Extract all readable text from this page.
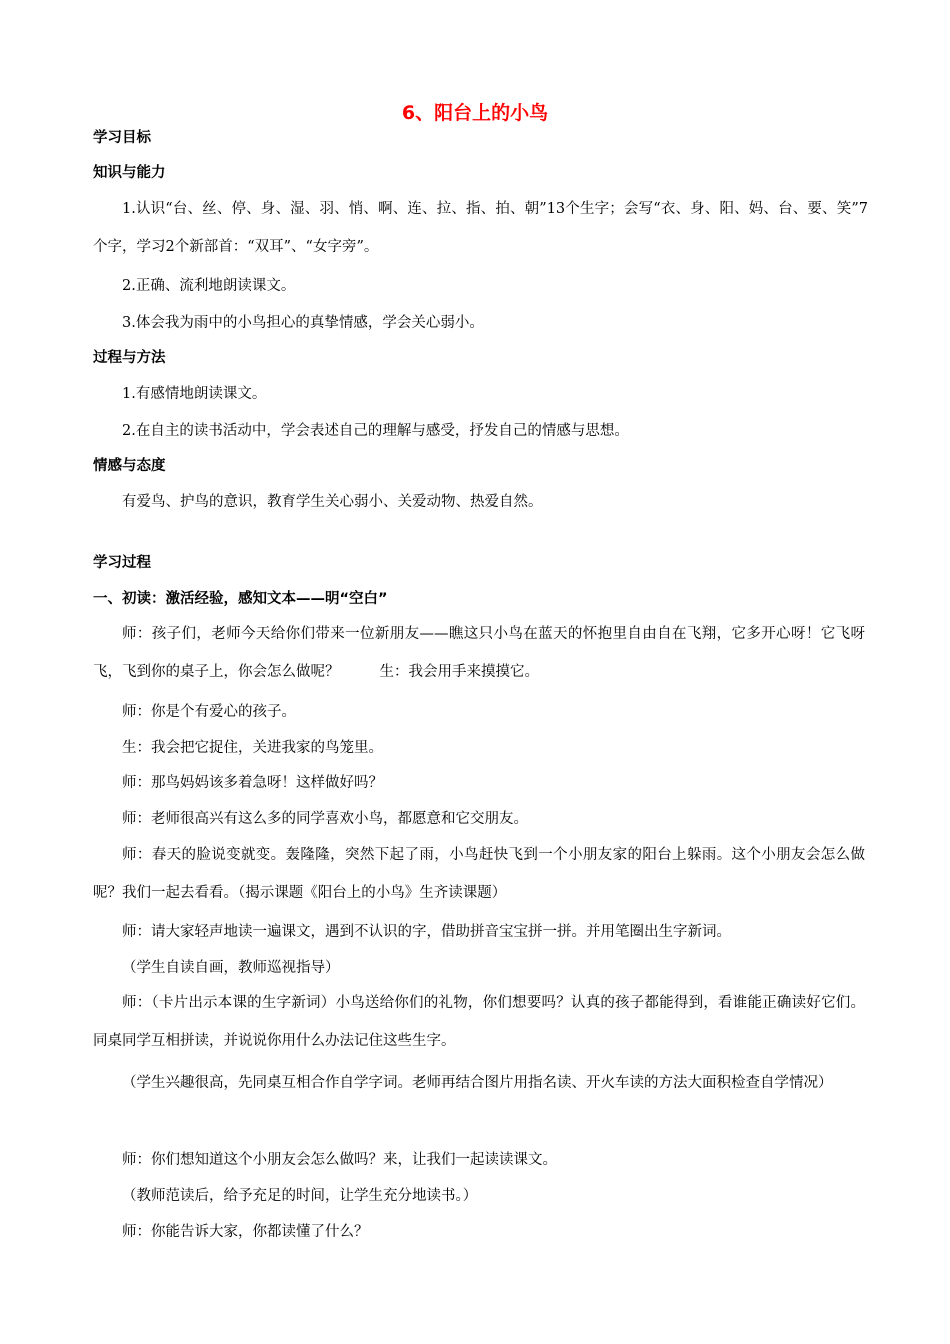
6、阳台上的小鸟
学习目标
知识与能力
1.认识“台、丝、停、身、湿、羽、悄、啊、连、拉、指、拍、朝”13个生字；会写“衣、身、阳、妈、台、要、笑”7个字，学习2个新部首：“双耳”、“女字旁”。
2.正确、流利地朗读课文。
3.体会我为雨中的小鸟担心的真挚情感，学会关心弱小。
过程与方法
1.有感情地朗读课文。
2.在自主的读书活动中，学会表述自己的理解与感受，抒发自己的情感与思想。
情感与态度
有爱鸟、护鸟的意识，教育学生关心弱小、关爱动物、热爱自然。
学习过程
一、初读：激活经验，感知文本——明“空白”
师：孩子们，老师今天给你们带来一位新朋友——瞧这只小鸟在蓝天的怀抱里自由自在飞翔，它多开心呀！它飞呀飞，飞到你的桌子上，你会怎么做呢？	生：我会用手来摸摸它。
师：你是个有爱心的孩子。
生：我会把它捉住，关进我家的鸟笼里。
师：那鸟妈妈该多着急呀！这样做好吗？
师：老师很高兴有这么多的同学喜欢小鸟，都愿意和它交朋友。
师：春天的脸说变就变。轰隆隆，突然下起了雨，小鸟赶快飞到一个小朋友家的阳台上躲雨。这个小朋友会怎么做呢？我们一起去看看。（揭示课题《阳台上的小鸟》生齐读课题）
师：请大家轻声地读一遍课文，遇到不认识的字，借助拼音宝宝拼一拼。并用笔圈出生字新词。
（学生自读自画，教师巡视指导）
师：（卡片出示本课的生字新词）小鸟送给你们的礼物，你们想要吗？认真的孩子都能得到，看谁能正确读好它们。同桌同学互相拼读，并说说你用什么办法记住这些生字。
（学生兴趣很高，先同桌互相合作自学字词。老师再结合图片用指名读、开火车读的方法大面积检查自学情况）
师：你们想知道这个小朋友会怎么做吗？来，让我们一起读读课文。
（教师范读后，给予充足的时间，让学生充分地读书。）
师：你能告诉大家，你都读懂了什么？
